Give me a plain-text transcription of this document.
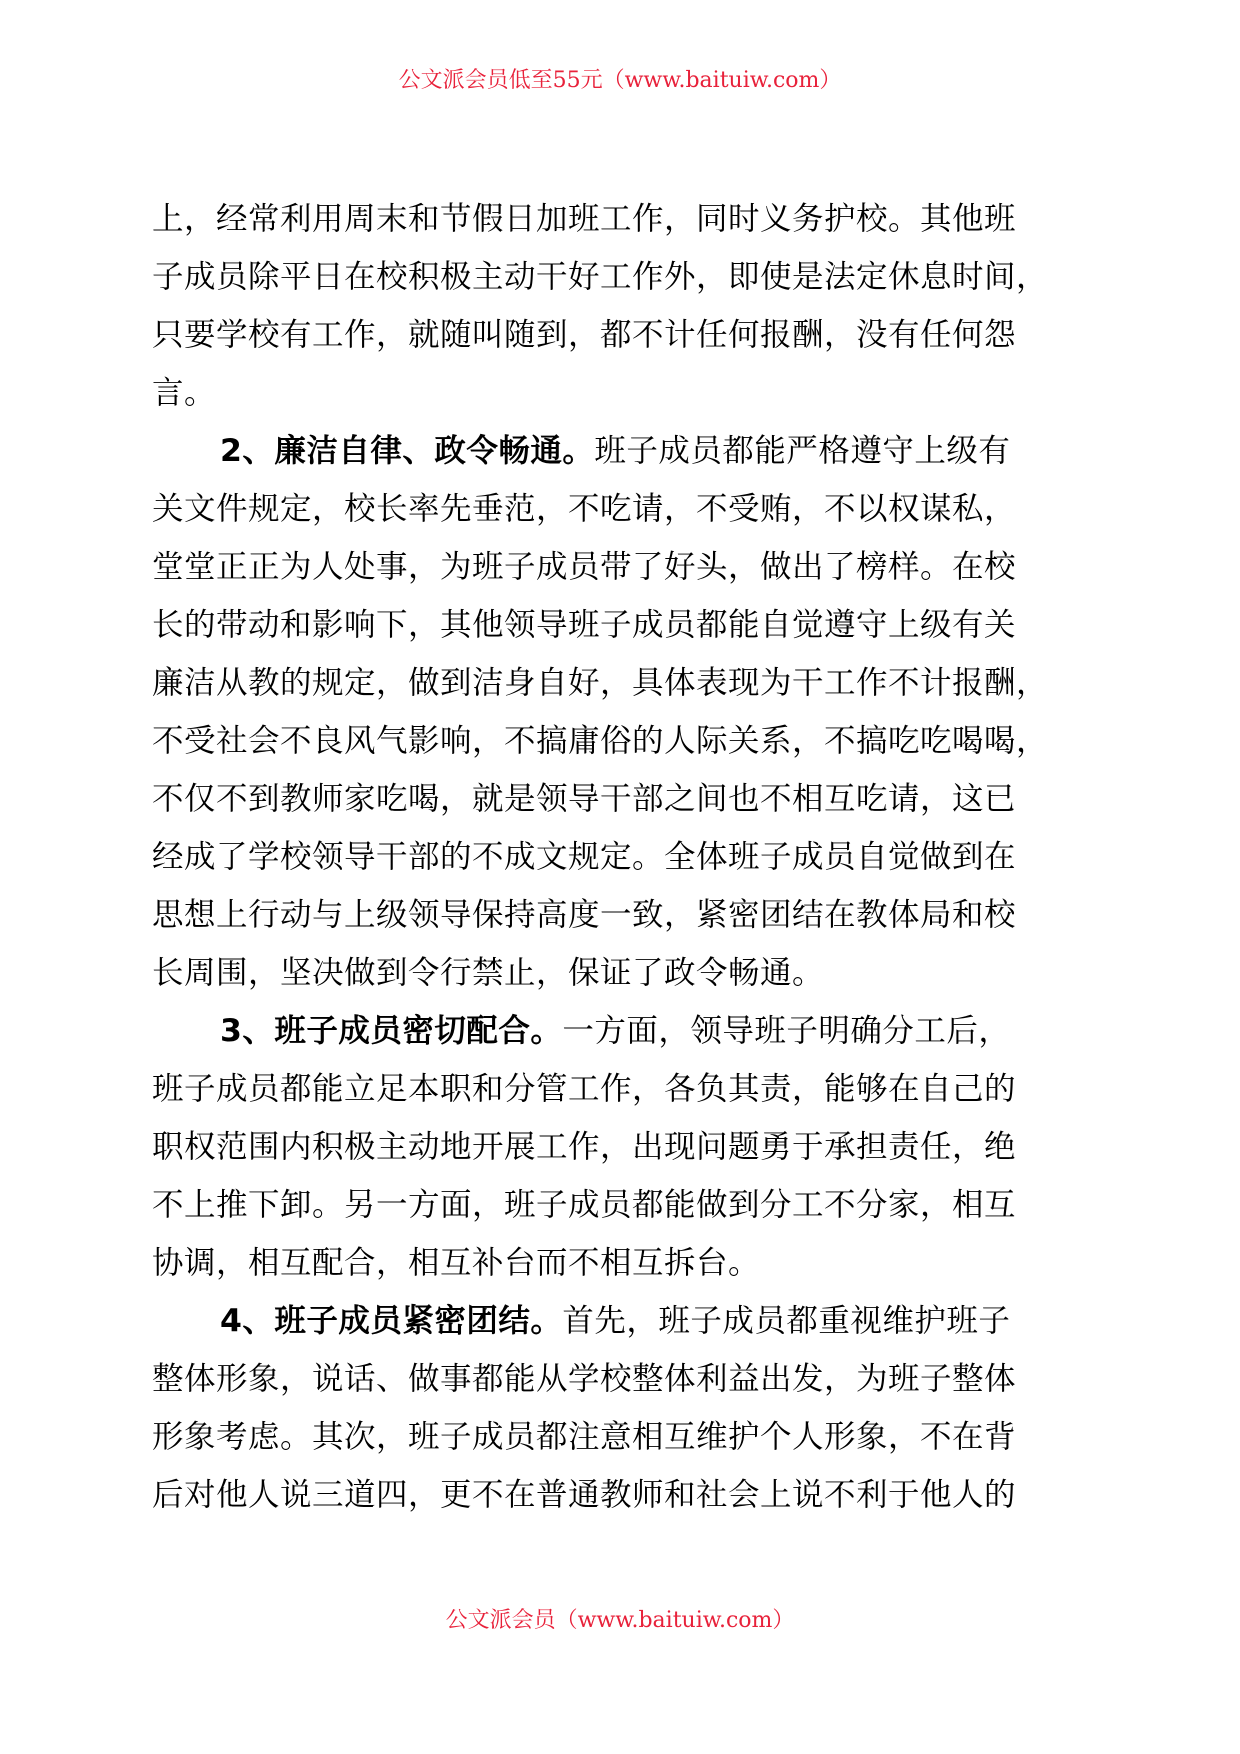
公文派会员低至55元（www.baituiw.com）
上，经常利用周末和节假日加班工作，同时义务护校。其他班
子成员除平日在校积极主动干好工作外，即使是法定休息时间，
只要学校有工作，就随叫随到，都不计任何报酬，没有任何怨
言。
2、廉洁自律、政令畅通。班子成员都能严格遵守上级有
关文件规定，校长率先垂范，不吃请，不受贿，不以权谋私，
堂堂正正为人处事，为班子成员带了好头，做出了榜样。在校
长的带动和影响下，其他领导班子成员都能自觉遵守上级有关
廉洁从教的规定，做到洁身自好，具体表现为干工作不计报酬，
不受社会不良风气影响，不搞庸俗的人际关系，不搞吃吃喝喝，
不仅不到教师家吃喝，就是领导干部之间也不相互吃请，这已
经成了学校领导干部的不成文规定。全体班子成员自觉做到在
思想上行动与上级领导保持高度一致，紧密团结在教体局和校
长周围，坚决做到令行禁止，保证了政令畅通。
3、班子成员密切配合。一方面，领导班子明确分工后，
班子成员都能立足本职和分管工作，各负其责，能够在自己的
职权范围内积极主动地开展工作，出现问题勇于承担责任，绝
不上推下卸。另一方面，班子成员都能做到分工不分家，相互
协调，相互配合，相互补台而不相互拆台。
4、班子成员紧密团结。首先，班子成员都重视维护班子
整体形象，说话、做事都能从学校整体利益出发，为班子整体
形象考虑。其次，班子成员都注意相互维护个人形象，不在背
后对他人说三道四，更不在普通教师和社会上说不利于他人的
公文派会员（www.baituiw.com）
